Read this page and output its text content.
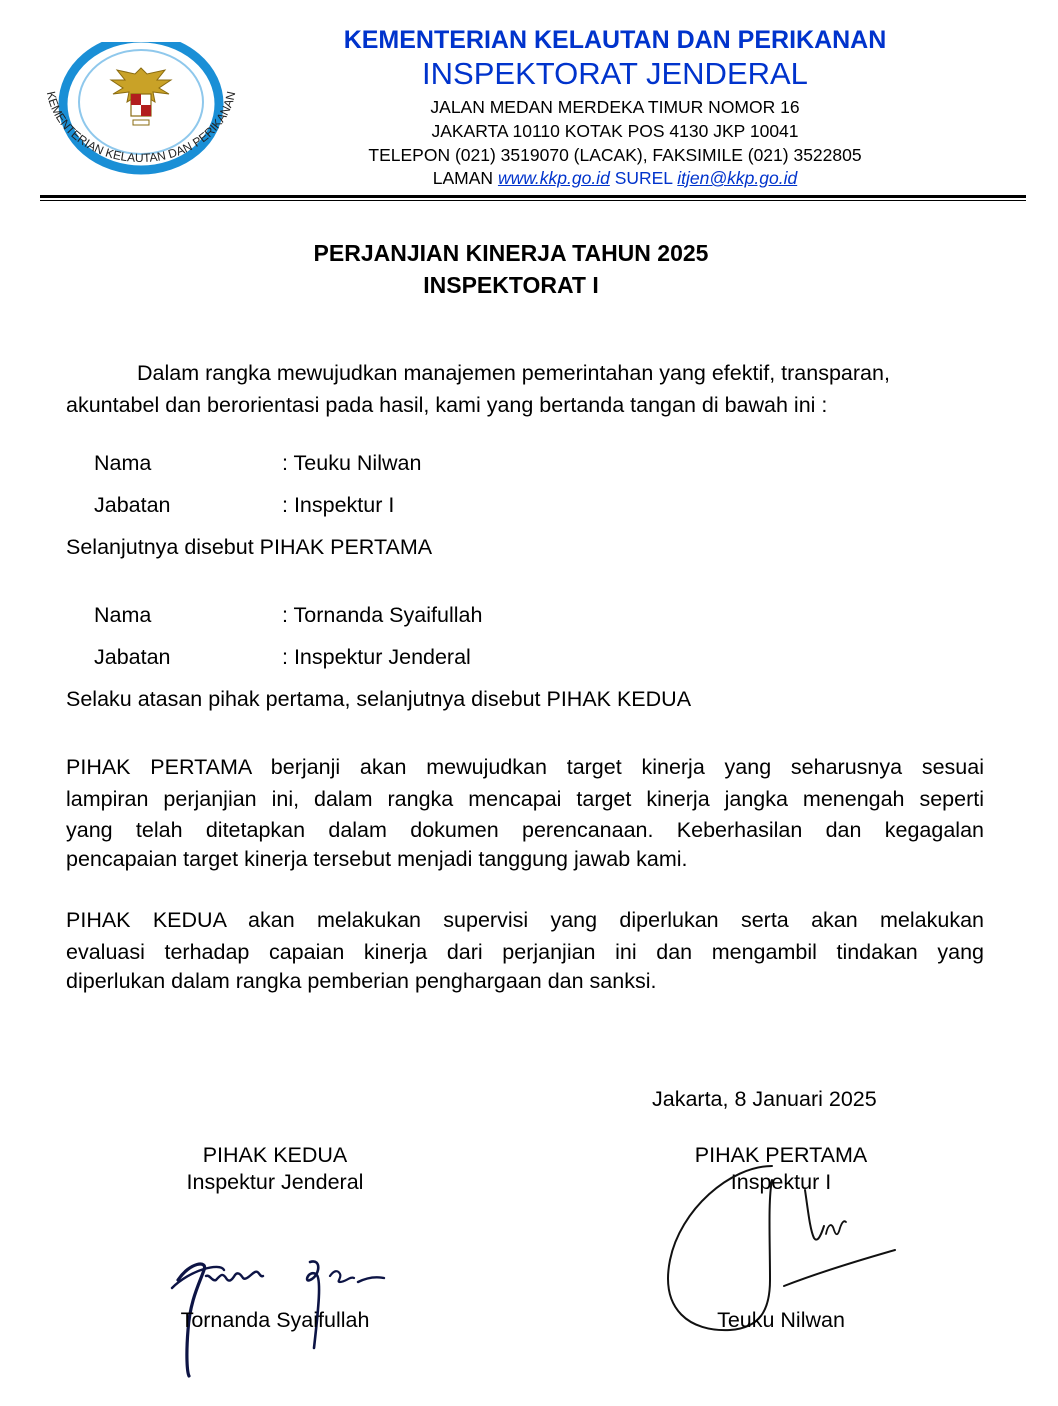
KEMENTERIAN KELAUTAN DAN PERIKANAN
KEMENTERIAN KELAUTAN DAN PERIKANAN
INSPEKTORAT JENDERAL
JALAN MEDAN MERDEKA TIMUR NOMOR 16
JAKARTA 10110 KOTAK POS 4130 JKP 10041
TELEPON (021) 3519070 (LACAK), FAKSIMILE (021) 3522805
LAMAN www.kkp.go.id SUREL itjen@kkp.go.id
PERJANJIAN KINERJA TAHUN 2025
INSPEKTORAT I
Dalam rangka mewujudkan manajemen pemerintahan yang efektif, transparan,
akuntabel dan berorientasi pada hasil, kami yang bertanda tangan di bawah ini :
Nama	: Teuku Nilwan
Jabatan	: Inspektur I
Selanjutnya disebut PIHAK PERTAMA
Nama	: Tornanda Syaifullah
Jabatan	: Inspektur Jenderal
Selaku atasan pihak pertama, selanjutnya disebut PIHAK KEDUA
PIHAK PERTAMA berjanji akan mewujudkan target kinerja yang seharusnya sesuai
lampiran perjanjian ini, dalam rangka mencapai target kinerja jangka menengah seperti
yang telah ditetapkan dalam dokumen perencanaan. Keberhasilan dan kegagalan
pencapaian target kinerja tersebut menjadi tanggung jawab kami.
PIHAK KEDUA akan melakukan supervisi yang diperlukan serta akan melakukan
evaluasi terhadap capaian kinerja dari perjanjian ini dan mengambil tindakan yang
diperlukan dalam rangka pemberian penghargaan dan sanksi.
Jakarta, 8 Januari 2025
PIHAK KEDUA
Inspektur Jenderal
Tornanda Syaifullah
PIHAK PERTAMA
Inspektur I
Teuku Nilwan
